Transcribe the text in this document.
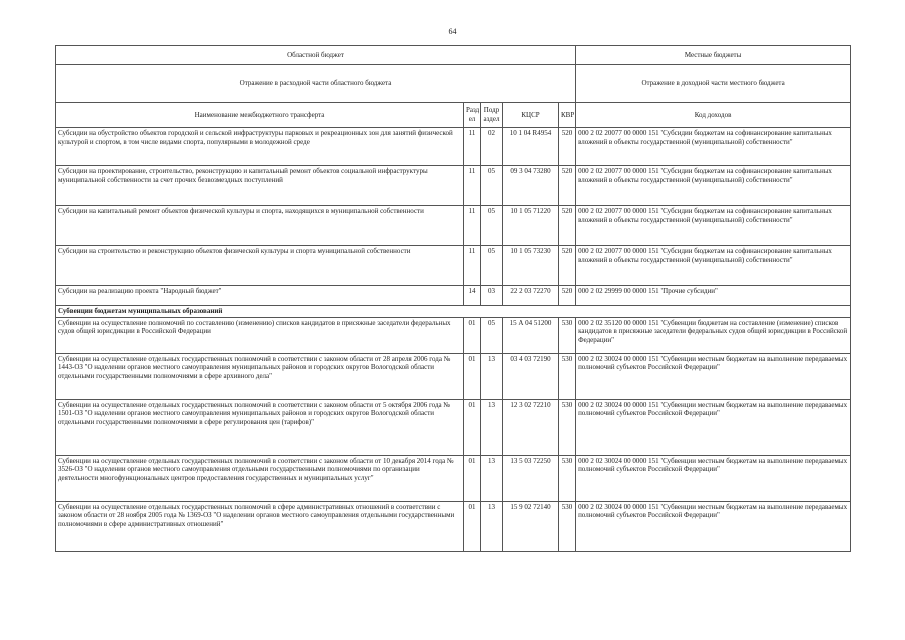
64
Областной бюджет					Местные бюджеты
Отражение в расходной части областного бюджета					Отражение в доходной части местного бюджета
Наименование межбюджетного трансферта	Разд ел	Подр аздел	КЦСР	КВР	Код доходов
Субсидии на обустройство объектов городской и сельской инфраструктуры парковых и рекреационных зон для занятий физической культурой и спортом, в том числе видами спорта, популярными в молодежной среде	11	02	10 1 04 R4954	520	000 2 02 20077 00 0000 151 "Субсидии бюджетам на софинансирование капитальных вложений в объекты государственной (муниципальной) собственности"
Субсидии на проектирование, строительство, реконструкцию и капитальный ремонт объектов социальной инфраструктуры муниципальной собственности за счет прочих безвозмездных поступлений	11	05	09 3 04 73280	520	000 2 02 20077 00 0000 151 "Субсидии бюджетам на софинансирование капитальных вложений в объекты государственной (муниципальной) собственности"
Субсидии на капитальный ремонт объектов физической культуры и спорта, находящихся в муниципальной собственности	11	05	10 1 05 71220	520	000 2 02 20077 00 0000 151 "Субсидии бюджетам на софинансирование капитальных вложений в объекты государственной (муниципальной) собственности"
Субсидии на строительство и реконструкцию объектов физической культуры и спорта муниципальной собственности	11	05	10 1 05 73230	520	000 2 02 20077 00 0000 151 "Субсидии бюджетам на софинансирование капитальных вложений в объекты государственной (муниципальной) собственности"
Субсидии на реализацию проекта "Народный бюджет"	14	03	22 2 03 72270	520	000 2 02 29999 00 0000 151 "Прочие субсидии"
Субвенции бюджетам муниципальных образований					
Субвенции на осуществление полномочий по составлению (изменению) списков кандидатов в присяжные заседатели федеральных судов общей юрисдикции в Российской Федерации	01	05	15 А 04 51200	530	000 2 02 35120 00 0000 151 "Субвенции бюджетам на составление (изменение) списков кандидатов в присяжные заседатели федеральных судов общей юрисдикции в Российской Федерации"
Субвенции на осуществление отдельных государственных полномочий в соответствии с законом области от 28 апреля 2006 года № 1443-ОЗ "О наделении органов местного самоуправления муниципальных районов и городских округов Вологодской области отдельными государственными полномочиями в сфере архивного дела"	01	13	03 4 03 72190	530	000 2 02 30024 00 0000 151 "Субвенции местным бюджетам на выполнение передаваемых полномочий субъектов Российской Федерации"
Субвенции на осуществление отдельных государственных полномочий в соответствии с законом области от 5 октября 2006 года № 1501-ОЗ "О наделении органов местного самоуправления муниципальных районов и городских округов Вологодской области отдельными государственными полномочиями в сфере регулирования цен (тарифов)"	01	13	12 3 02 72210	530	000 2 02 30024 00 0000 151 "Субвенции местным бюджетам на выполнение передаваемых полномочий субъектов Российской Федерации"
Субвенции на осуществление отдельных государственных полномочий в соответствии с законом области от 10 декабря 2014 года № 3526-ОЗ "О наделении органов местного самоуправления отдельными государственными полномочиями по организации деятельности многофункциональных центров предоставления государственных и муниципальных услуг"	01	13	13 5 03 72250	530	000 2 02 30024 00 0000 151 "Субвенции местным бюджетам на выполнение передаваемых полномочий субъектов Российской Федерации"
Субвенции на осуществление отдельных государственных полномочий в сфере административных отношений в соответствии с законом области от 28 ноября 2005 года № 1369-ОЗ "О наделении органов местного самоуправления отдельными государственными полномочиями в сфере административных отношений"	01	13	15 9 02 72140	530	000 2 02 30024 00 0000 151 "Субвенции местным бюджетам на выполнение передаваемых полномочий субъектов Российской Федерации"
